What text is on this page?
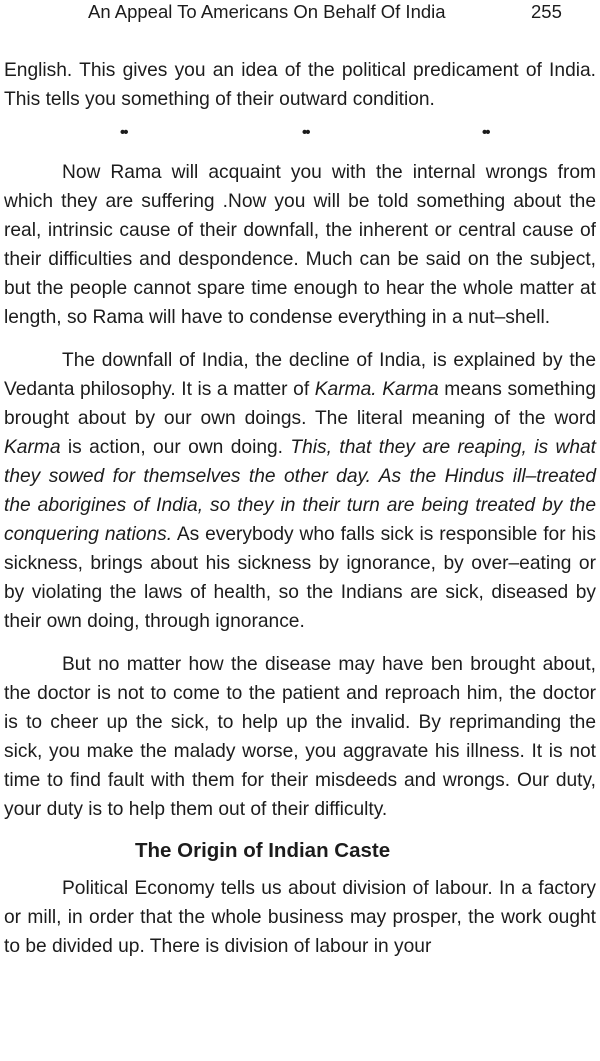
An Appeal To Americans On Behalf Of India	255

English. This gives you an idea of the political predicament of India. This tells you something of their outward condition.

••	••	••

Now Rama will acquaint you with the internal wrongs from which they are suffering .Now you will be told something about the real, intrinsic cause of their downfall, the inherent or central cause of their difficulties and despondence. Much can be said on the subject, but the people cannot spare time enough to hear the whole matter at length, so Rama will have to condense everything in a nut–shell.

The downfall of India, the decline of India, is explained by the Vedanta philosophy. It is a matter of Karma. Karma means something brought about by our own doings. The literal meaning of the word Karma is action, our own doing. This, that they are reaping, is what they sowed for themselves the other day. As the Hindus ill–treated the aborigines of India, so they in their turn are being treated by the conquering nations. As everybody who falls sick is responsible for his sickness, brings about his sickness by ignorance, by over–eating or by violating the laws of health, so the Indians are sick, diseased by their own doing, through ignorance.

But no matter how the disease may have ben brought about, the doctor is not to come to the patient and reproach him, the doctor is to cheer up the sick, to help up the invalid. By reprimanding the sick, you make the malady worse, you aggravate his illness. It is not time to find fault with them for their misdeeds and wrongs. Our duty, your duty is to help them out of their difficulty.

The Origin of Indian Caste

Political Economy tells us about division of labour. In a factory or mill, in order that the whole business may prosper, the work ought to be divided up. There is division of labour in your
